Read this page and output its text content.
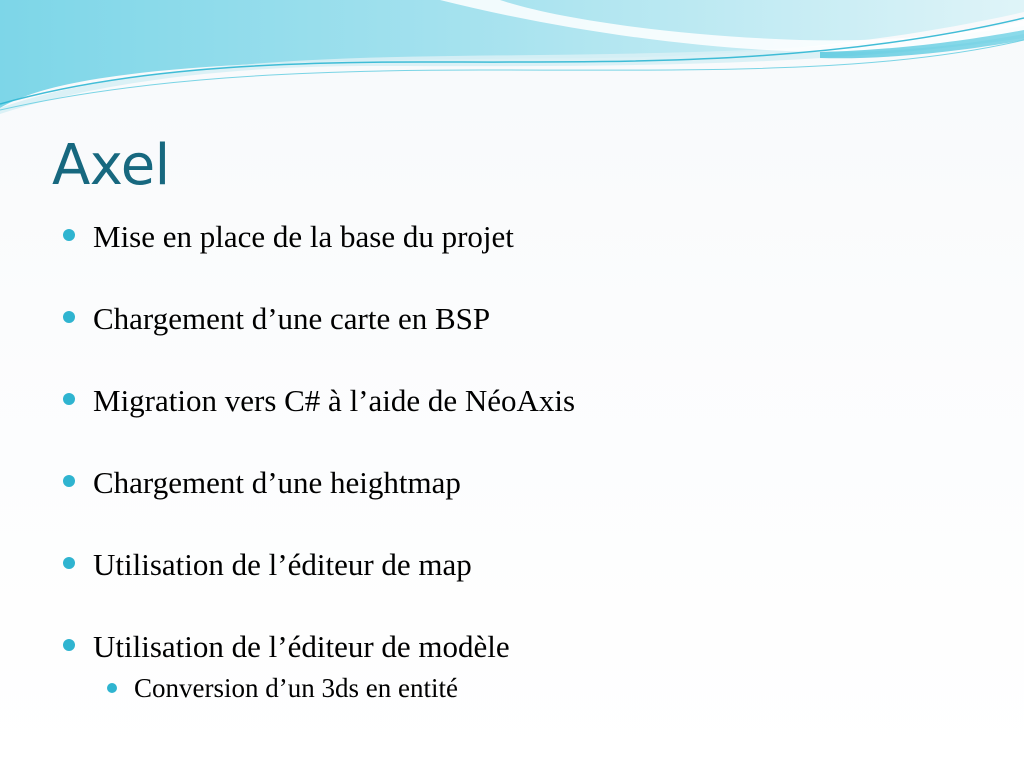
Axel
Mise en place de la base du projet
Chargement d’une carte en BSP
Migration vers C# à l’aide de NéoAxis
Chargement d’une heightmap
Utilisation de l’éditeur de map
Utilisation de l’éditeur de modèle
Conversion d’un 3ds en entité
